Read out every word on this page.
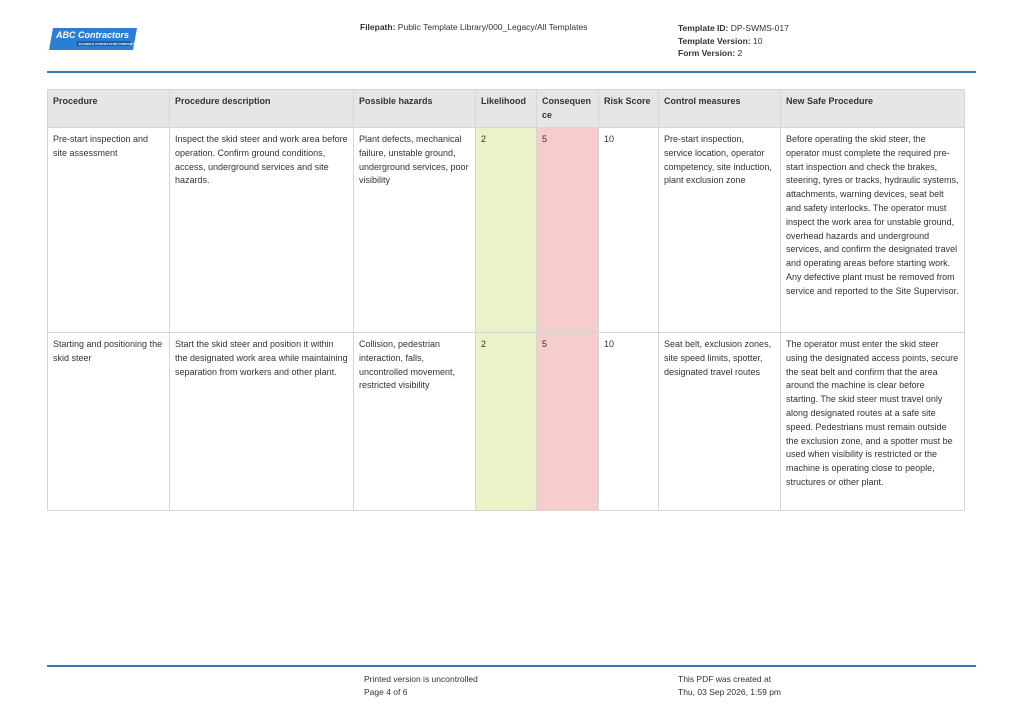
ABC Contractors
EXAMPLE CONTRACTOR COMPANY
Filepath: Public Template Library/000_Legacy/All Templates	Template ID: DP-SWMS-017
Template Version: 10
Form Version: 2
Procedure	Procedure description	Possible hazards	Likelihood	Consequen ce	Risk Score	Control measures	New Safe Procedure
Pre-start inspection and site assessment	Inspect the skid steer and work area before operation. Confirm ground conditions, access, underground services and site hazards.	Plant defects, mechanical failure, unstable ground, underground services, poor visibility	2	5	10	Pre-start inspection, service location, operator competency, site induction, plant exclusion zone	Before operating the skid steer, the operator must complete the required pre-start inspection and check the brakes, steering, tyres or tracks, hydraulic systems, attachments, warning devices, seat belt and safety interlocks. The operator must inspect the work area for unstable ground, overhead hazards and underground services, and confirm the designated travel and operating areas before starting work. Any defective plant must be removed from service and reported to the Site Supervisor.
Starting and positioning the skid steer	Start the skid steer and position it within the designated work area while maintaining separation from workers and other plant.	Collision, pedestrian interaction, falls, uncontrolled movement, restricted visibility	2	5	10	Seat belt, exclusion zones, site speed limits, spotter, designated travel routes	The operator must enter the skid steer using the designated access points, secure the seat belt and confirm that the area around the machine is clear before starting. The skid steer must travel only along designated routes at a safe site speed. Pedestrians must remain outside the exclusion zone, and a spotter must be used when visibility is restricted or the machine is operating close to people, structures or other plant.
Printed version is uncontrolled
Page 4 of 6
This PDF was created at
Thu, 03 Sep 2026, 1:59 pm
